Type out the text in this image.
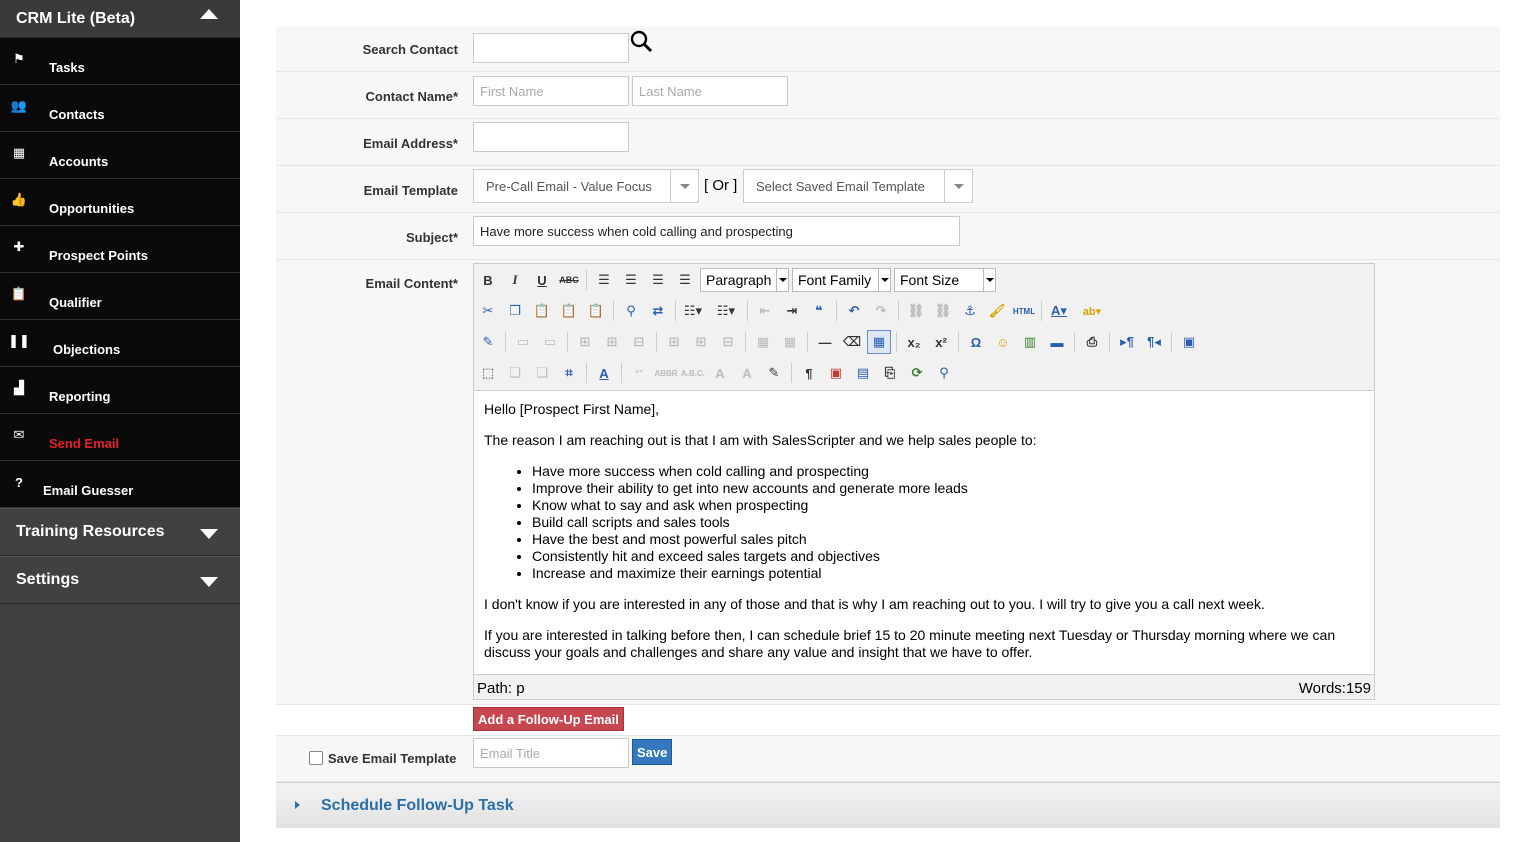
CRM Lite (Beta)
⚑
Tasks
👥
Contacts
▦
Accounts
👍
Opportunities
✚
Prospect Points
📋
Qualifier
❚❚
Objections
▟
Reporting
✉
Send Email
?
Email Guesser
Training Resources
Settings
Search Contact
Contact Name*	First Name	Last Name
Email Address*
Email Template Pre-Call Email - Value Focus	[ Or ] Select Saved Email Template
Subject*	Have more success when cold calling and prospecting
Email Content*	B	I	U	ABC	☰	☰	☰	☰	Paragraph Font Family Font Size
✂	❐	📋 📋 📋	⚲	⇄	☷▾ ☷▾	⇤	⇥	❝	↶	↷	⛓ ⛓ ⚓ 🖌 HTML	A▾	ab▾
✎	▭	▭	⊞	⊞	⊟	⊞	⊞	⊟	▦	▦	— ⌫ ▦	x₂	x²	Ω	☺	▥	▬	⎙	▸¶	¶◂	▣
⬚	❏	❏	⌗	A	“”	ABBR A.B.C. A	A	✎	¶	▣	▤	⎘	⟳	⚲

Hello [Prospect First Name],

The reason I am reaching out is that I am with SalesScripter and we help sales people to:

• Have more success when cold calling and prospecting
• Improve their ability to get into new accounts and generate more leads
• Know what to say and ask when prospecting
• Build call scripts and sales tools
• Have the best and most powerful sales pitch
• Consistently hit and exceed sales targets and objectives
• Increase and maximize their earnings potential

I don't know if you are interested in any of those and that is why I am reaching out to you. I will try to give you a call next week.

If you are interested in talking before then, I can schedule brief 15 to 20 minute meeting next Tuesday or Thursday morning where we can discuss your goals and challenges and share any value and insight that we have to offer.

Path: p	Words:159
Add a Follow-Up Email
Save Email Template	Email Title	Save
Schedule Follow-Up Task
